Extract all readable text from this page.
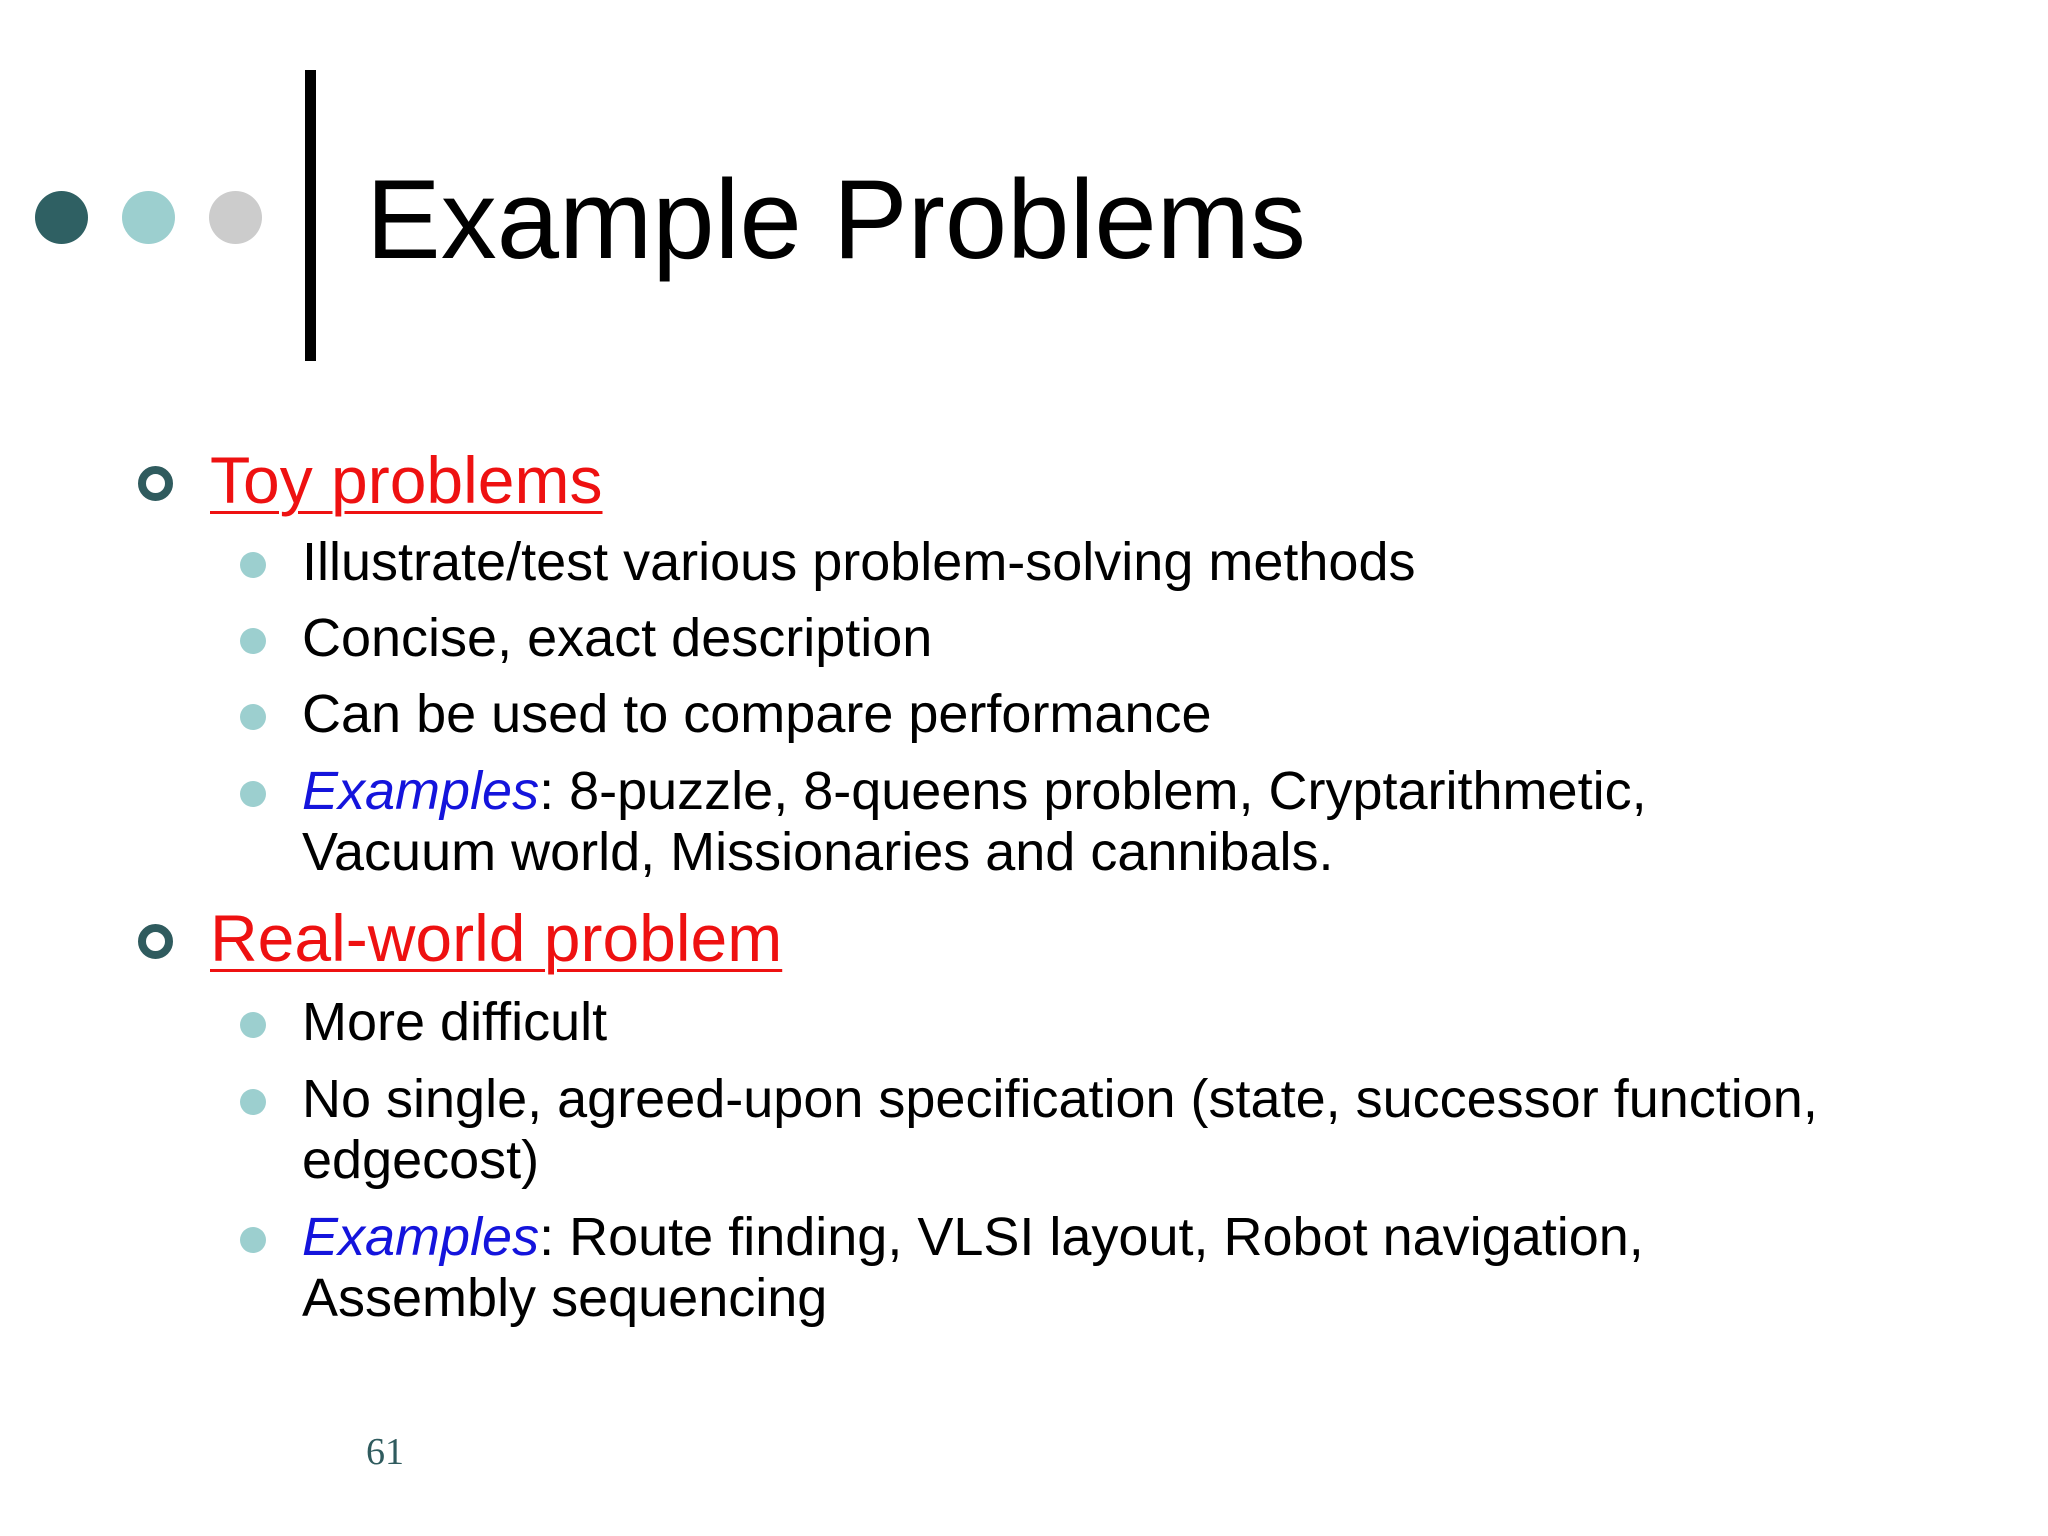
Example Problems
Toy problems
Illustrate/test various problem-solving methods
Concise, exact description
Can be used to compare performance
Examples: 8-puzzle, 8-queens problem, Cryptarithmetic, Vacuum world, Missionaries and cannibals.
Real-world problem
More difficult
No single, agreed-upon specification (state, successor function, edgecost)
Examples: Route finding, VLSI layout, Robot navigation, Assembly sequencing
61
